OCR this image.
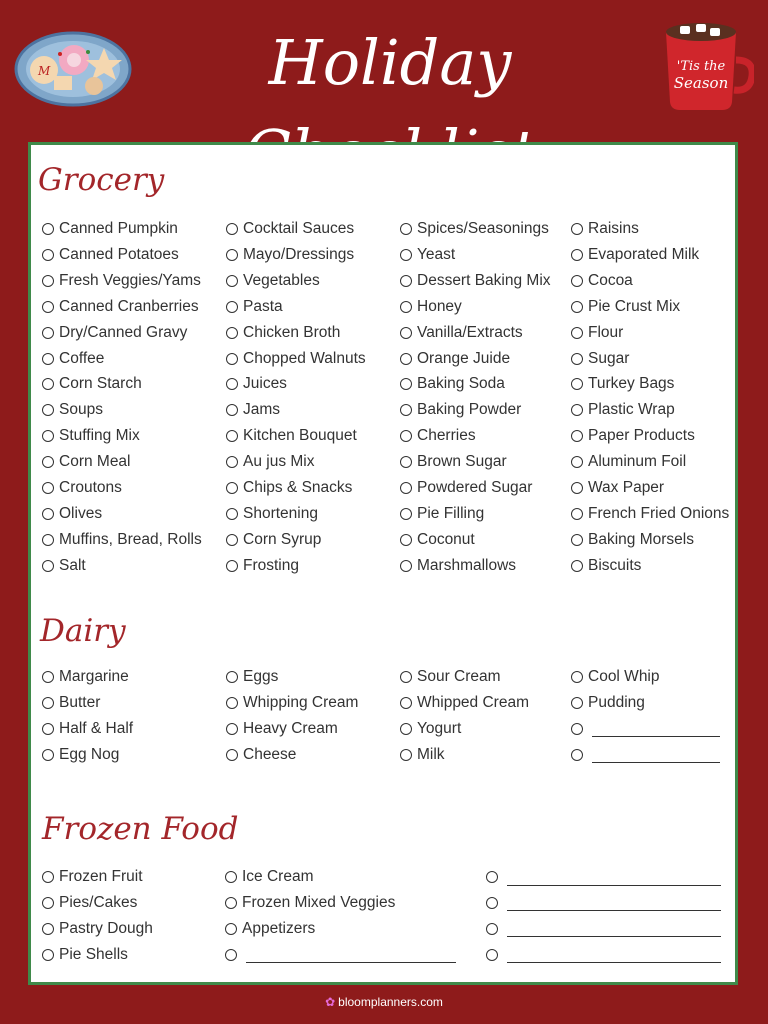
Holiday
M	'Tis the
Season
Grocery
Dairy
Frozen Food
Canned Pumpkin
Canned Potatoes
Fresh Veggies/Yams
Canned Cranberries
Dry/Canned Gravy
Coffee
Corn Starch
Soups
Stuffing Mix
Corn Meal
Croutons
Olives
Muffins, Bread, Rolls
Salt
Cocktail Sauces
Mayo/Dressings
Vegetables
Pasta
Chicken Broth
Chopped Walnuts
Juices
Jams
Kitchen Bouquet
Au jus Mix
Chips & Snacks
Shortening
Corn Syrup
Frosting
Spices/Seasonings
Yeast
Dessert Baking Mix
Honey
Vanilla/Extracts
Orange Juide
Baking Soda
Baking Powder
Cherries
Brown Sugar
Powdered Sugar
Pie Filling
Coconut
Marshmallows
Raisins
Evaporated Milk
Cocoa
Pie Crust Mix
Flour
Sugar
Turkey Bags
Plastic Wrap
Paper Products
Aluminum Foil
Wax Paper
French Fried Onions
Baking Morsels
Biscuits
Margarine
Butter
Half & Half
Egg Nog
Eggs
Whipping Cream
Heavy Cream
Cheese
Sour Cream
Whipped Cream
Yogurt
Milk
Cool Whip
Pudding
Frozen Fruit
Pies/Cakes
Pastry Dough
Pie Shells
Ice Cream
Frozen Mixed Veggies
Appetizers
✿ bloomplanners.com
